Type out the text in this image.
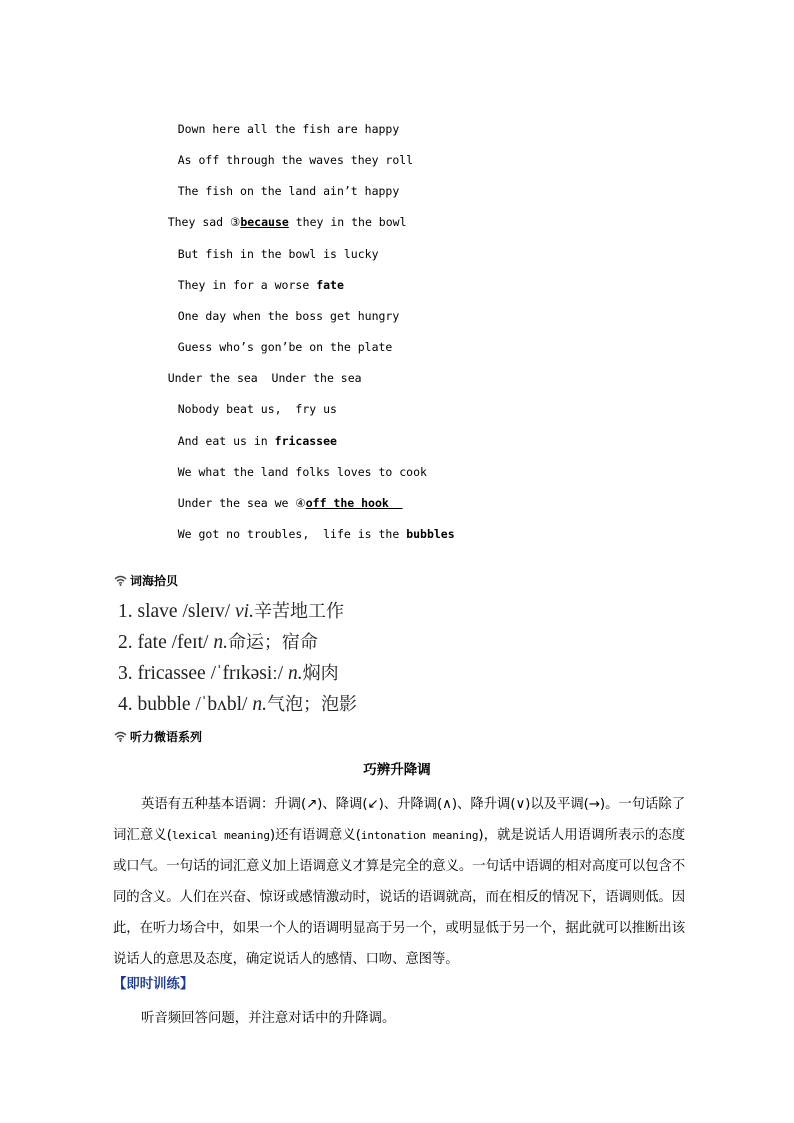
Down here all the fish are happy

As off through the waves they roll

The fish on the land ain’t happy

They sad ③because they in the bowl

But fish in the bowl is lucky

They in for a worse fate

One day when the boss get hungry

Guess who’s gon’be on the plate

Under the sea  Under the sea

Nobody beat us,  fry us

And eat us in fricassee

We what the land folks loves to cook

Under the sea we ④off the hook

We got no troubles,  life is the bubbles

词海拾贝
1. slave /sleɪv/ vi.辛苦地工作
2. fate /feɪt/ n.命运；宿命
3. fricassee /ˈfrɪkəsiː/ n.焖肉
4. bubble /ˈbʌbl/ n.气泡；泡影
听力微语系列
巧辨升降调
英语有五种基本语调：升调(↗)、降调(↙)、升降调(∧)、降升调(∨)以及平调(→)。一句话除了词汇意义(lexical meaning)还有语调意义(intonation meaning)，就是说话人用语调所表示的态度或口气。一句话的词汇意义加上语调意义才算是完全的意义。一句话中语调的相对高度可以包含不同的含义。人们在兴奋、惊讶或感情激动时，说话的语调就高，而在相反的情况下，语调则低。因此，在听力场合中，如果一个人的语调明显高于另一个，或明显低于另一个，据此就可以推断出该说话人的意思及态度，确定说话人的感情、口吻、意图等。
【即时训练】
听音频回答问题，并注意对话中的升降调。
